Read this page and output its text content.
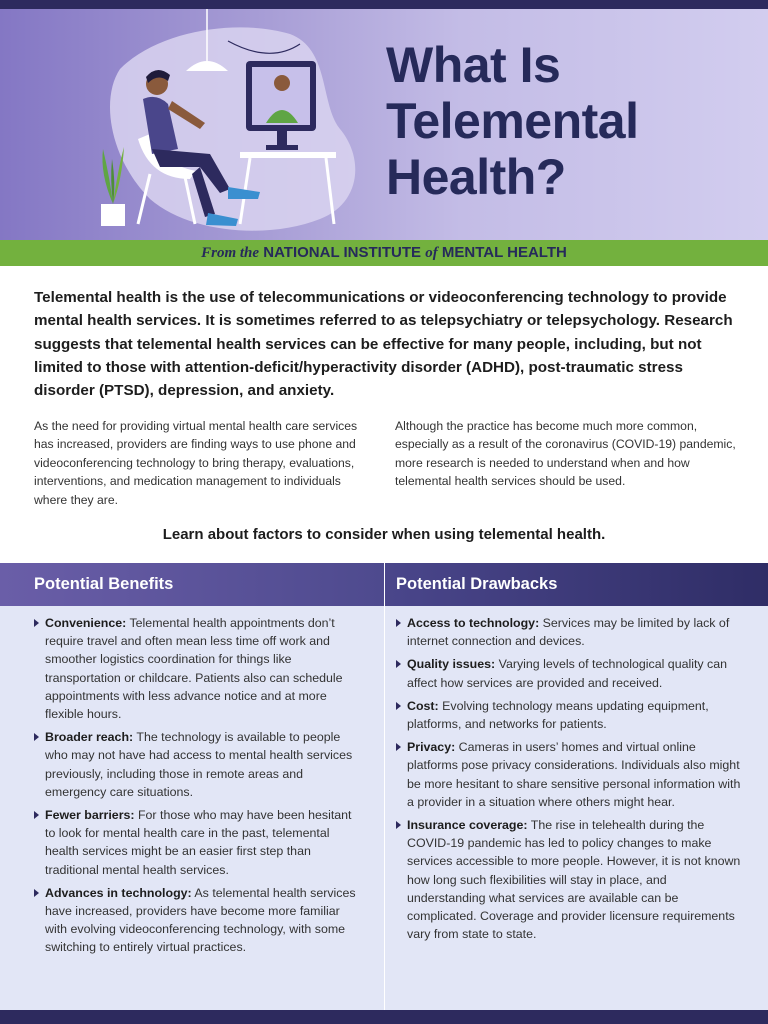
What Is
Telemental
Health?
From the NATIONAL INSTITUTE of MENTAL HEALTH

Telemental health is the use of telecommunications or videoconferencing technology to provide mental health services. It is sometimes referred to as telepsychiatry or telepsychology. Research suggests that telemental health services can be effective for many people, including, but not limited to those with attention-deficit/hyperactivity disorder (ADHD), post-traumatic stress disorder (PTSD), depression, and anxiety.

As the need for providing virtual mental health care services has increased, providers are finding ways to use phone and videoconferencing technology to bring therapy, evaluations, interventions, and medication management to individuals where they are.

Although the practice has become much more common, especially as a result of the coronavirus (COVID-19) pandemic, more research is needed to understand when and how telemental health services should be used.

Learn about factors to consider when using telemental health.

Potential Benefits
Convenience: Telemental health appointments don’t require travel and often mean less time off work and smoother logistics coordination for things like transportation or childcare. Patients also can schedule appointments with less advance notice and at more flexible hours.
Broader reach: The technology is available to people who may not have had access to mental health services previously, including those in remote areas and emergency care situations.
Fewer barriers: For those who may have been hesitant to look for mental health care in the past, telemental health services might be an easier first step than traditional mental health services.
Advances in technology: As telemental health services have increased, providers have become more familiar with evolving videoconferencing technology, with some switching to entirely virtual practices.
Potential Drawbacks
Access to technology: Services may be limited by lack of internet connection and devices.
Quality issues: Varying levels of technological quality can affect how services are provided and received.
Cost: Evolving technology means updating equipment, platforms, and networks for patients.
Privacy: Cameras in users’ homes and virtual online platforms pose privacy considerations. Individuals also might be more hesitant to share sensitive personal information with a provider in a situation where others might hear.
Insurance coverage: The rise in telehealth during the COVID-19 pandemic has led to policy changes to make services accessible to more people. However, it is not known how long such flexibilities will stay in place, and understanding what services are available can be complicated. Coverage and provider licensure requirements vary from state to state.
